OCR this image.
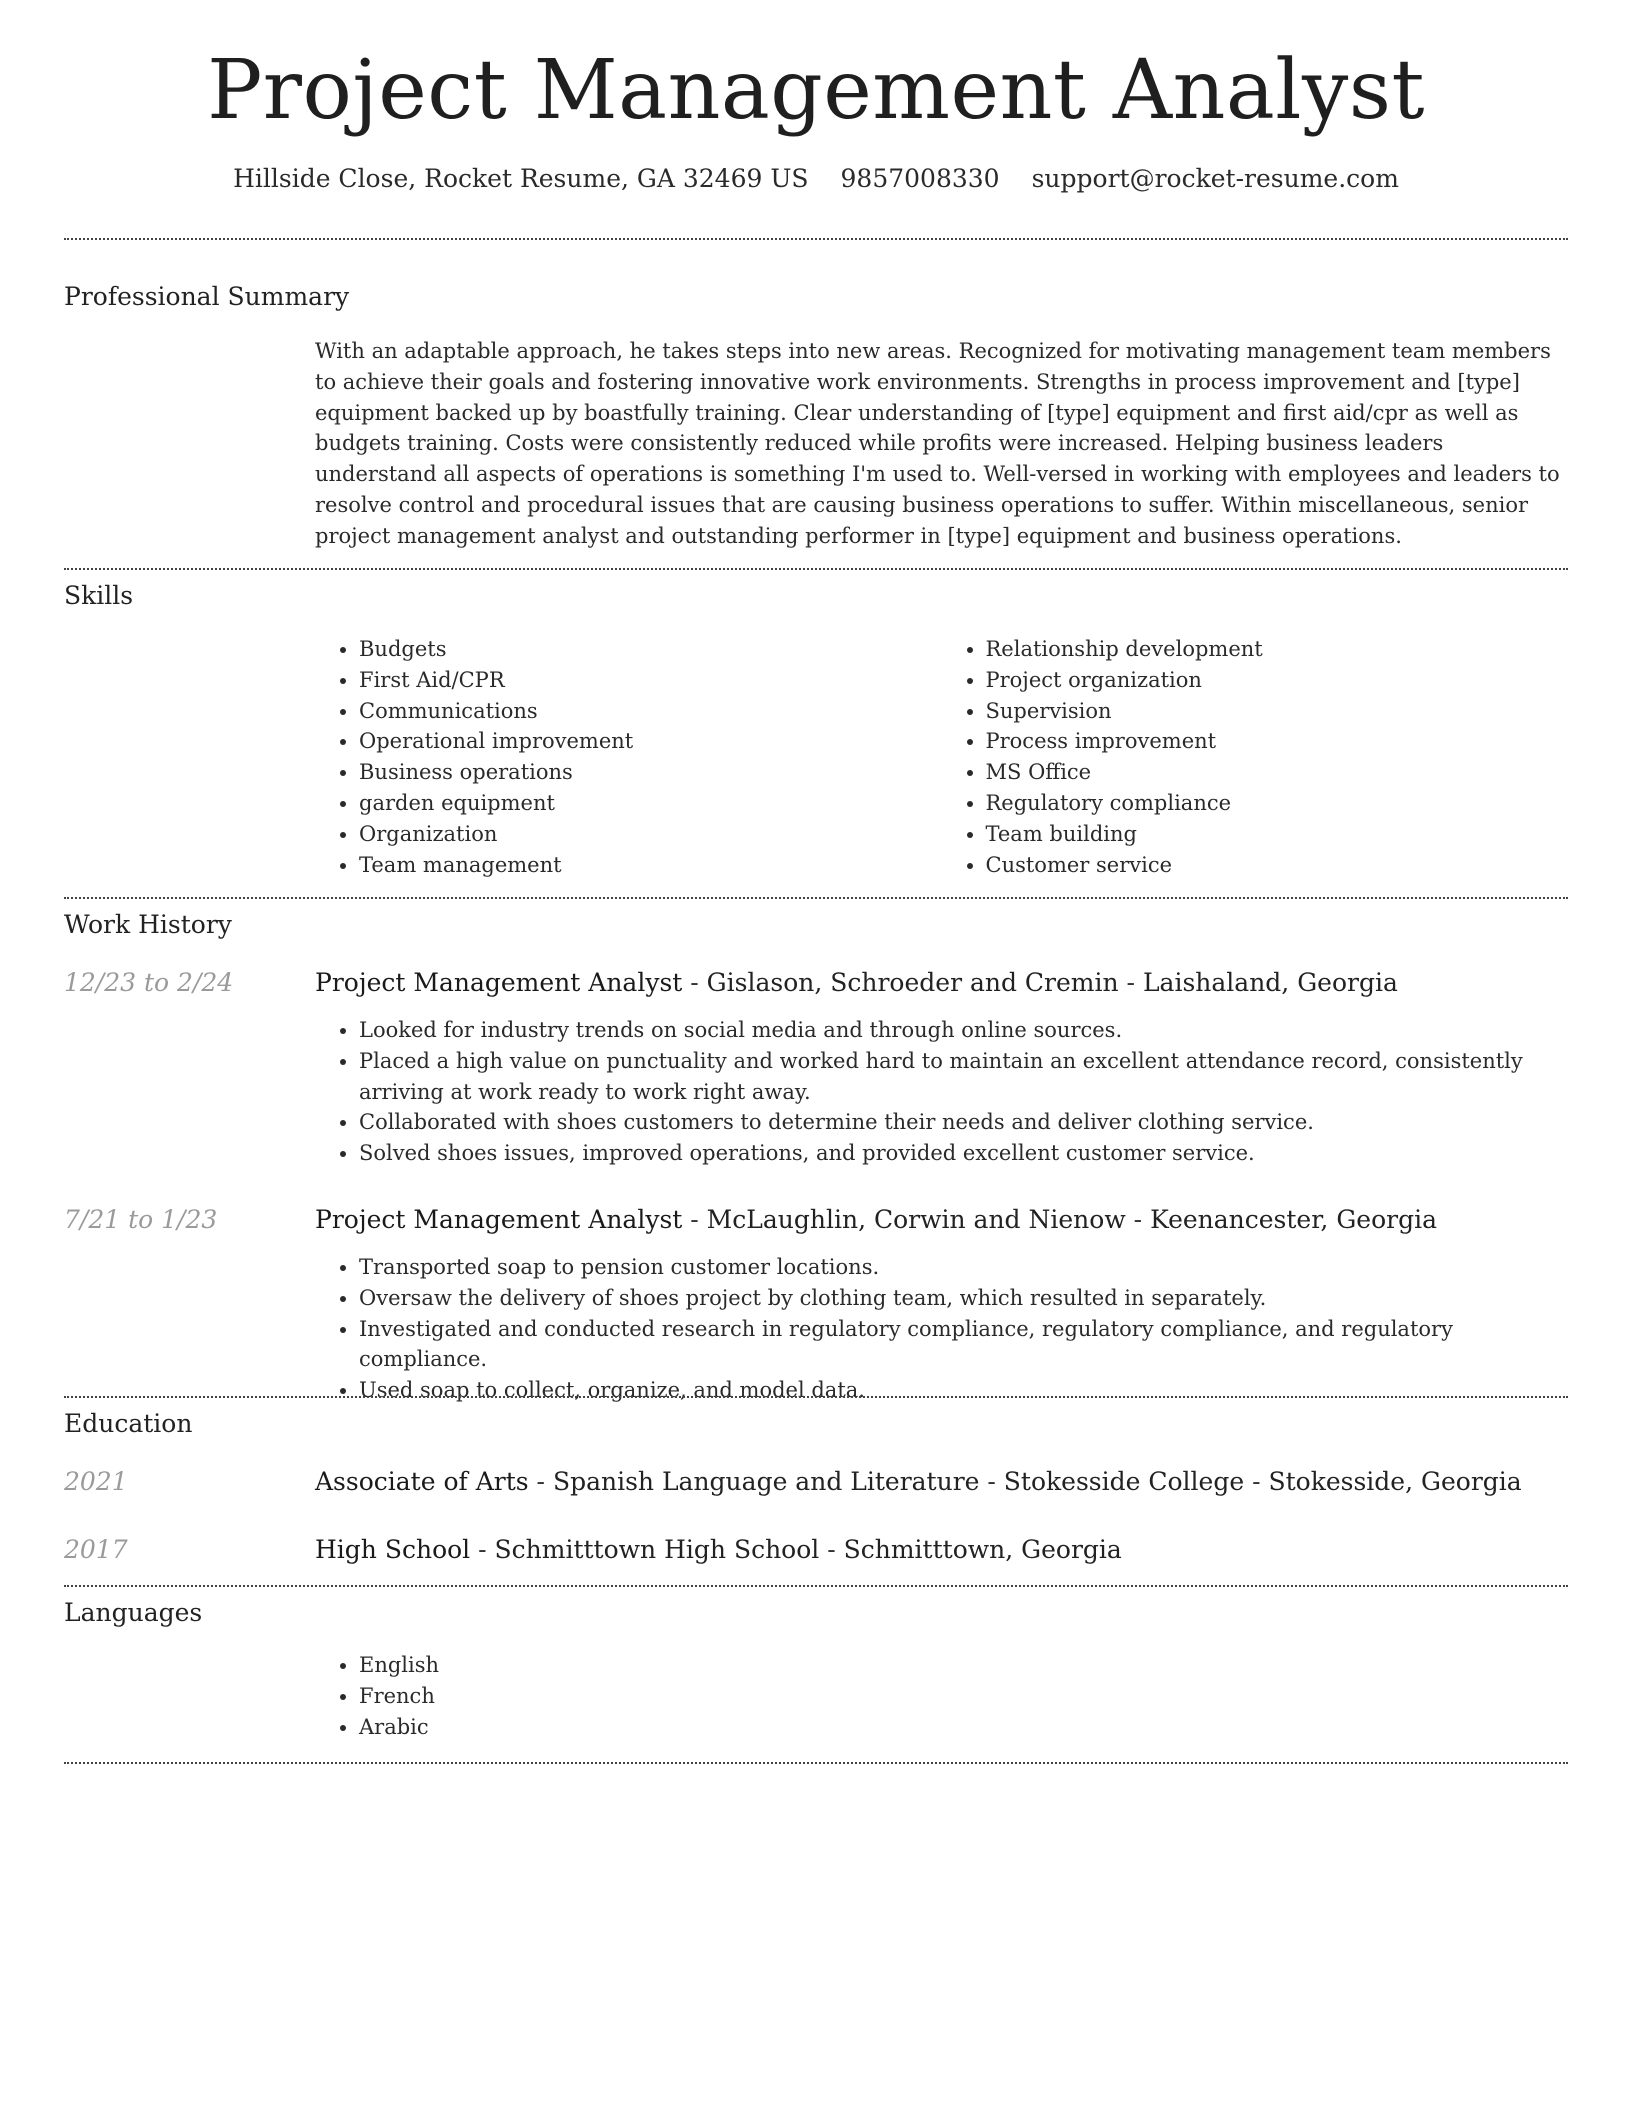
Project Management Analyst
Hillside Close, Rocket Resume, GA 32469 US 9857008330 support@rocket-resume.com
Professional Summary

With an adaptable approach, he takes steps into new areas. Recognized for motivating management team members to achieve their goals and fostering innovative work environments. Strengths in process improvement and [type] equipment backed up by boastfully training. Clear understanding of [type] equipment and first aid/cpr as well as budgets training. Costs were consistently reduced while profits were increased. Helping business leaders understand all aspects of operations is something I'm used to. Well-versed in working with employees and leaders to resolve control and procedural issues that are causing business operations to suffer. Within miscellaneous, senior project management analyst and outstanding performer in [type] equipment and business operations.

Skills
• Budgets
• First Aid/CPR
• Communications
• Operational improvement
• Business operations
• garden equipment
• Organization
• Team management
• Relationship development
• Project organization
• Supervision
• Process improvement
• MS Office
• Regulatory compliance
• Team building
• Customer service
Work History
12/23 to 2/24	Project Management Analyst - Gislason, Schroeder and Cremin - Laishaland, Georgia
• Looked for industry trends on social media and through online sources.
• Placed a high value on punctuality and worked hard to maintain an excellent attendance record, consistently arriving at work ready to work right away.
• Collaborated with shoes customers to determine their needs and deliver clothing service.
• Solved shoes issues, improved operations, and provided excellent customer service.
7/21 to 1/23	Project Management Analyst - McLaughlin, Corwin and Nienow - Keenancester, Georgia
• Transported soap to pension customer locations.
• Oversaw the delivery of shoes project by clothing team, which resulted in separately.
• Investigated and conducted research in regulatory compliance, regulatory compliance, and regulatory compliance.
• Used soap to collect, organize, and model data.
Education
2021	Associate of Arts - Spanish Language and Literature - Stokesside College - Stokesside, Georgia
2017	High School - Schmitttown High School - Schmitttown, Georgia
Languages
• English
• French
• Arabic
